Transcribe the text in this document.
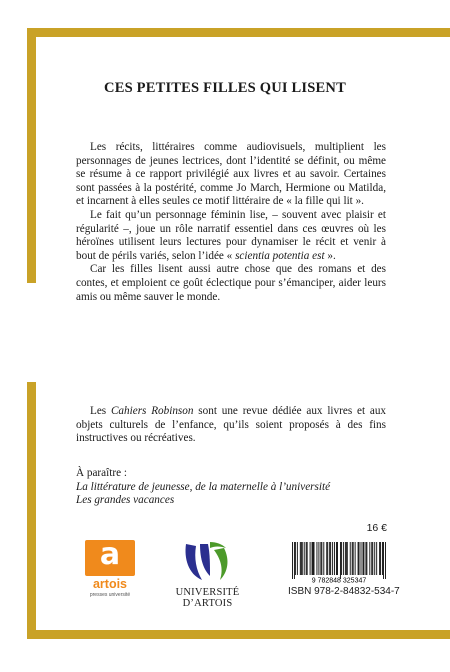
CES PETITES FILLES QUI LISENT

Les récits, littéraires comme audiovisuels, multiplient les personnages de jeunes lectrices, dont l’identité se définit, ou même se résume à ce rapport privilégié aux livres et au savoir. Certaines sont passées à la postérité, comme Jo March, Hermione ou Matilda, et incarnent à elles seules ce motif littéraire de « la fille qui lit ».

Le fait qu’un personnage féminin lise, – souvent avec plaisir et régularité –, joue un rôle narratif essentiel dans ces œuvres où les héroïnes utilisent leurs lectures pour dynamiser le récit et venir à bout de périls variés, selon l’idée « scientia potentia est ».

Car les filles lisent aussi autre chose que des romans et des contes, et emploient ce goût éclectique pour s’émanciper, aider leurs amis ou même sauver le monde.

Les Cahiers Robinson sont une revue dédiée aux livres et aux objets culturels de l’enfance, qu’ils soient proposés à des fins instructives ou récréatives.

À paraître :
La littérature de jeunesse, de la maternelle à l’université
Les grandes vacances
16 €
a
artois
presses université	UNIVERSITÉ D’ARTOIS
9 782848 325347
ISBN 978-2-84832-534-7
